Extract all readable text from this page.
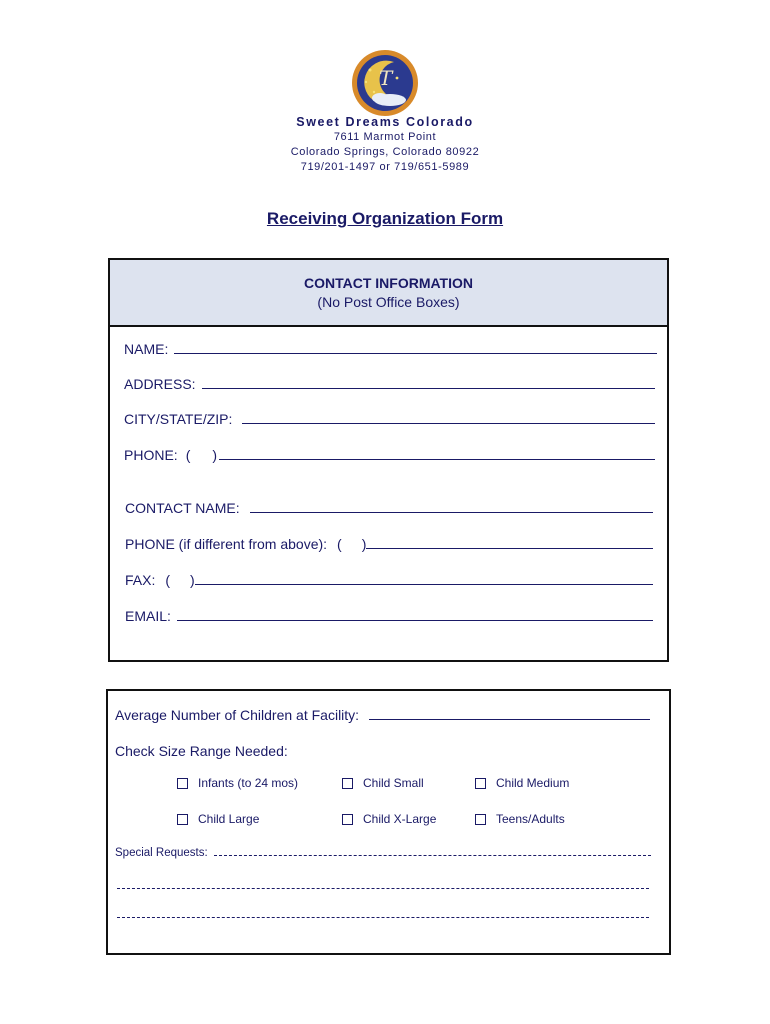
T
Sweet Dreams Colorado
7611 Marmot Point
Colorado Springs, Colorado 80922
719/201-1497 or 719/651-5989
Receiving Organization Form
CONTACT INFORMATION
(No Post Office Boxes)
NAME:
ADDRESS:
CITY/STATE/ZIP:
PHONE: ( )
CONTACT NAME:
PHONE (if different from above): ( )
FAX: ( )
EMAIL:
Average Number of Children at Facility:
Check Size Range Needed:
Infants (to 24 mos)	Child Small	Child Medium
Child Large	Child X-Large	Teens/Adults
Special Requests:
